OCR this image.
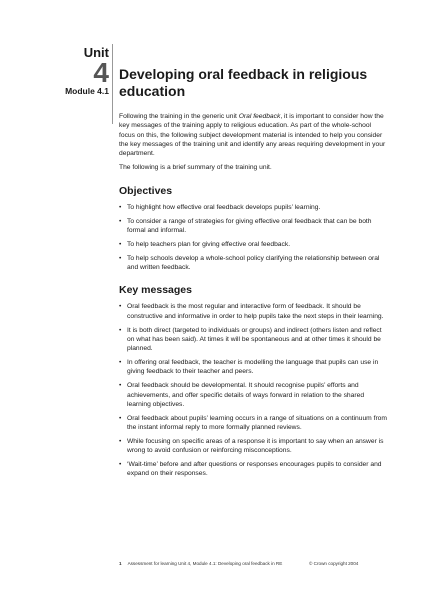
Unit
4
Module 4.1
Developing oral feedback in religious education

Following the training in the generic unit Oral feedback, it is important to consider how the key messages of the training apply to religious education. As part of the whole-school focus on this, the following subject development material is intended to help you consider the key messages of the training unit and identify any areas requiring development in your department.

The following is a brief summary of the training unit.

Objectives
• To highlight how effective oral feedback develops pupils’ learning.
• To consider a range of strategies for giving effective oral feedback that can be both formal and informal.
• To help teachers plan for giving effective oral feedback.
• To help schools develop a whole-school policy clarifying the relationship between oral and written feedback.
Key messages
• Oral feedback is the most regular and interactive form of feedback. It should be constructive and informative in order to help pupils take the next steps in their learning.
• It is both direct (targeted to individuals or groups) and indirect (others listen and reflect on what has been said). At times it will be spontaneous and at other times it should be planned.
• In offering oral feedback, the teacher is modelling the language that pupils can use in giving feedback to their teacher and peers.
• Oral feedback should be developmental. It should recognise pupils’ efforts and achievements, and offer specific details of ways forward in relation to the shared learning objectives.
• Oral feedback about pupils’ learning occurs in a range of situations on a continuum from the instant informal reply to more formally planned reviews.
• While focusing on specific areas of a response it is important to say when an answer is wrong to avoid confusion or reinforcing misconceptions.
• ‘Wait-time’ before and after questions or responses encourages pupils to consider and expand on their responses.
1 Assessment for learning Unit 4, Module 4.1: Developing oral feedback in RE	© Crown copyright 2004
